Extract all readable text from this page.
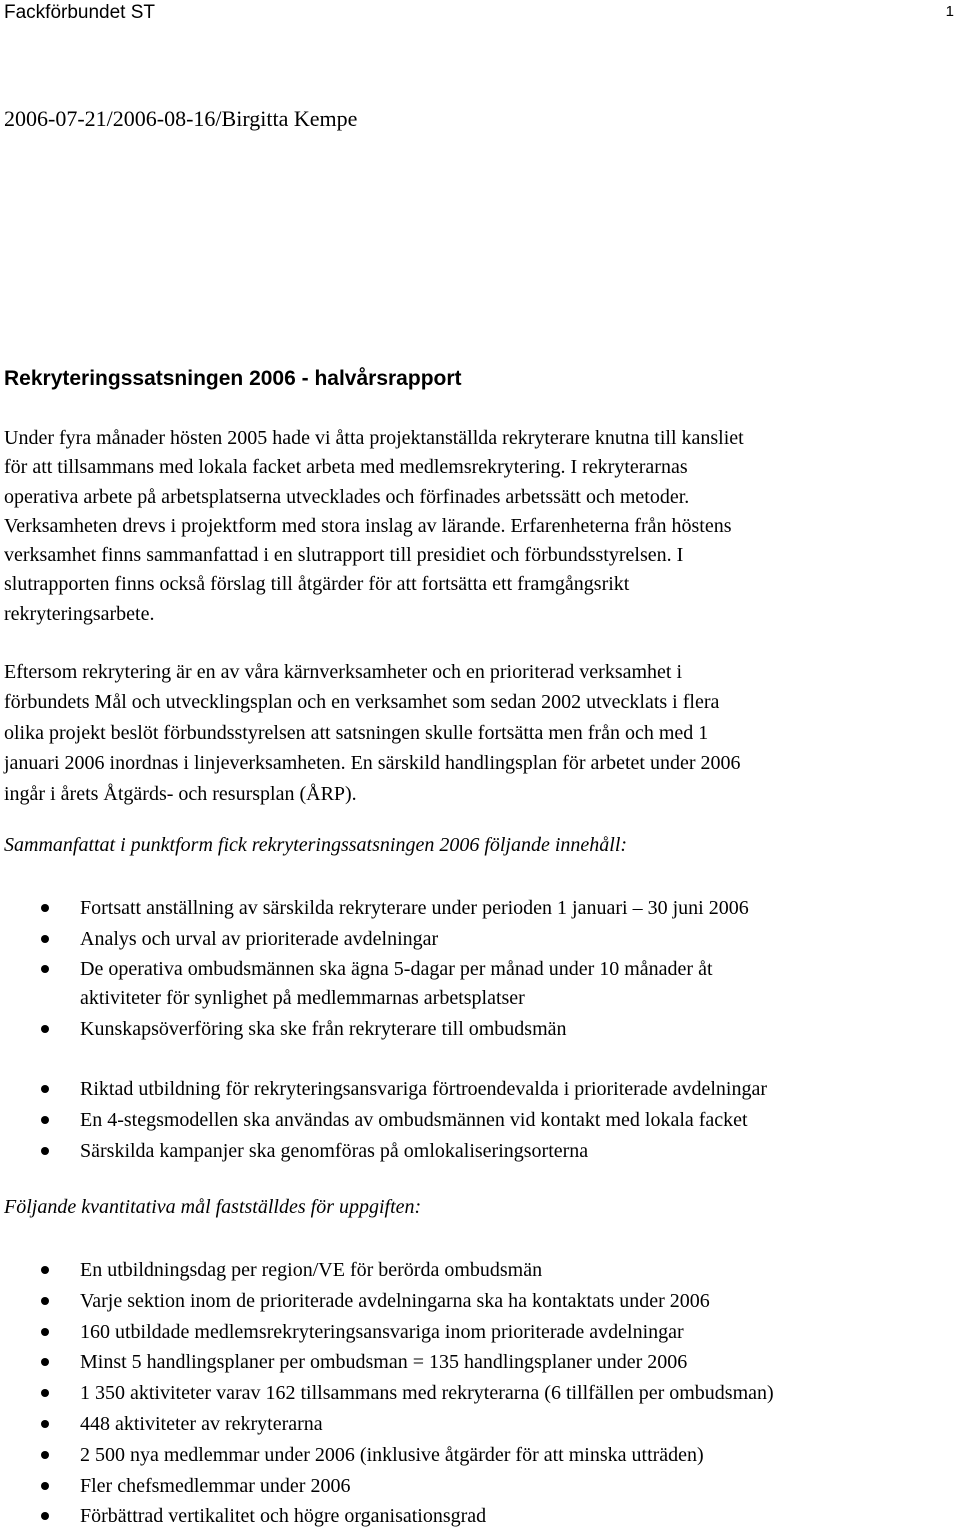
Fackförbundet ST	1
2006-07-21/2006-08-16/Birgitta Kempe
Rekryteringssatsningen 2006 - halvårsrapport

Under fyra månader hösten 2005 hade vi åtta projektanställda rekryterare knutna till kansliet
för att tillsammans med lokala facket arbeta med medlemsrekrytering. I rekryterarnas
operativa arbete på arbetsplatserna utvecklades och förfinades arbetssätt och metoder.
Verksamheten drevs i projektform med stora inslag av lärande. Erfarenheterna från höstens
verksamhet finns sammanfattad i en slutrapport till presidiet och förbundsstyrelsen. I
slutrapporten finns också förslag till åtgärder för att fortsätta ett framgångsrikt
rekryteringsarbete.

Eftersom rekrytering är en av våra kärnverksamheter och en prioriterad verksamhet i
förbundets Mål och utvecklingsplan och en verksamhet som sedan 2002 utvecklats i flera
olika projekt beslöt förbundsstyrelsen att satsningen skulle fortsätta men från och med 1
januari 2006 inordnas i linjeverksamheten. En särskild handlingsplan för arbetet under 2006
ingår i årets Åtgärds- och resursplan (ÅRP).

Sammanfattat i punktform fick rekryteringssatsningen 2006 följande innehåll:
Fortsatt anställning av särskilda rekryterare under perioden 1 januari – 30 juni 2006
Analys och urval av prioriterade avdelningar
De operativa ombudsmännen ska ägna 5-dagar per månad under 10 månader åt
aktiviteter för synlighet på medlemmarnas arbetsplatser
Kunskapsöverföring ska ske från rekryterare till ombudsmän
Riktad utbildning för rekryteringsansvariga förtroendevalda i prioriterade avdelningar
En 4-stegsmodellen ska användas av ombudsmännen vid kontakt med lokala facket
Särskilda kampanjer ska genomföras på omlokaliseringsorterna
Följande kvantitativa mål fastställdes för uppgiften:
En utbildningsdag per region/VE för berörda ombudsmän
Varje sektion inom de prioriterade avdelningarna ska ha kontaktats under 2006
160 utbildade medlemsrekryteringsansvariga inom prioriterade avdelningar
Minst 5 handlingsplaner per ombudsman = 135 handlingsplaner under 2006
1 350 aktiviteter varav 162 tillsammans med rekryterarna (6 tillfällen per ombudsman)
448 aktiviteter av rekryterarna
2 500 nya medlemmar under 2006 (inklusive åtgärder för att minska utträden)
Fler chefsmedlemmar under 2006
Förbättrad vertikalitet och högre organisationsgrad
